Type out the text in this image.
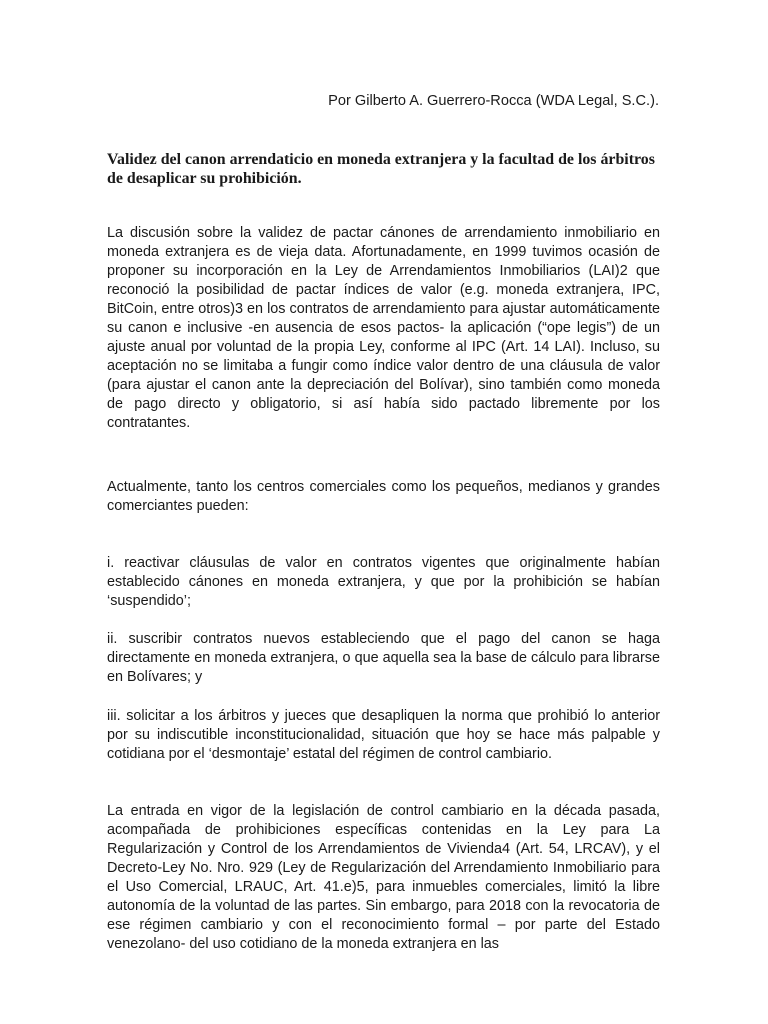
Por Gilberto A. Guerrero-Rocca (WDA Legal, S.C.).
Validez del canon arrendaticio en moneda extranjera y la facultad de los árbitros de desaplicar su prohibición.

La discusión sobre la validez de pactar cánones de arrendamiento inmobiliario en moneda extranjera es de vieja data. Afortunadamente, en 1999 tuvimos ocasión de proponer su incorporación en la Ley de Arrendamientos Inmobiliarios (LAI)2 que reconoció la posibilidad de pactar índices de valor (e.g. moneda extranjera, IPC, BitCoin, entre otros)3 en los contratos de arrendamiento para ajustar automáticamente su canon e inclusive -en ausencia de esos pactos- la aplicación (“ope legis”) de un ajuste anual por voluntad de la propia Ley, conforme al IPC (Art. 14 LAI). Incluso, su aceptación no se limitaba a fungir como índice valor dentro de una cláusula de valor (para ajustar el canon ante la depreciación del Bolívar), sino también como moneda de pago directo y obligatorio, si así había sido pactado libremente por los contratantes.

Actualmente, tanto los centros comerciales como los pequeños, medianos y grandes comerciantes pueden:

i. reactivar cláusulas de valor en contratos vigentes que originalmente habían establecido cánones en moneda extranjera, y que por la prohibición se habían ‘suspendido’;

ii. suscribir contratos nuevos estableciendo que el pago del canon se haga directamente en moneda extranjera, o que aquella sea la base de cálculo para librarse en Bolívares; y

iii. solicitar a los árbitros y jueces que desapliquen la norma que prohibió lo anterior por su indiscutible inconstitucionalidad, situación que hoy se hace más palpable y cotidiana por el ‘desmontaje’ estatal del régimen de control cambiario.

La entrada en vigor de la legislación de control cambiario en la década pasada, acompañada de prohibiciones específicas contenidas en la Ley para La Regularización y Control de los Arrendamientos de Vivienda4 (Art. 54, LRCAV), y el Decreto-Ley No. Nro. 929 (Ley de Regularización del Arrendamiento Inmobiliario para el Uso Comercial, LRAUC, Art. 41.e)5, para inmuebles comerciales, limitó la libre autonomía de la voluntad de las partes. Sin embargo, para 2018 con la revocatoria de ese régimen cambiario y con el reconocimiento formal – por parte del Estado venezolano- del uso cotidiano de la moneda extranjera en las
